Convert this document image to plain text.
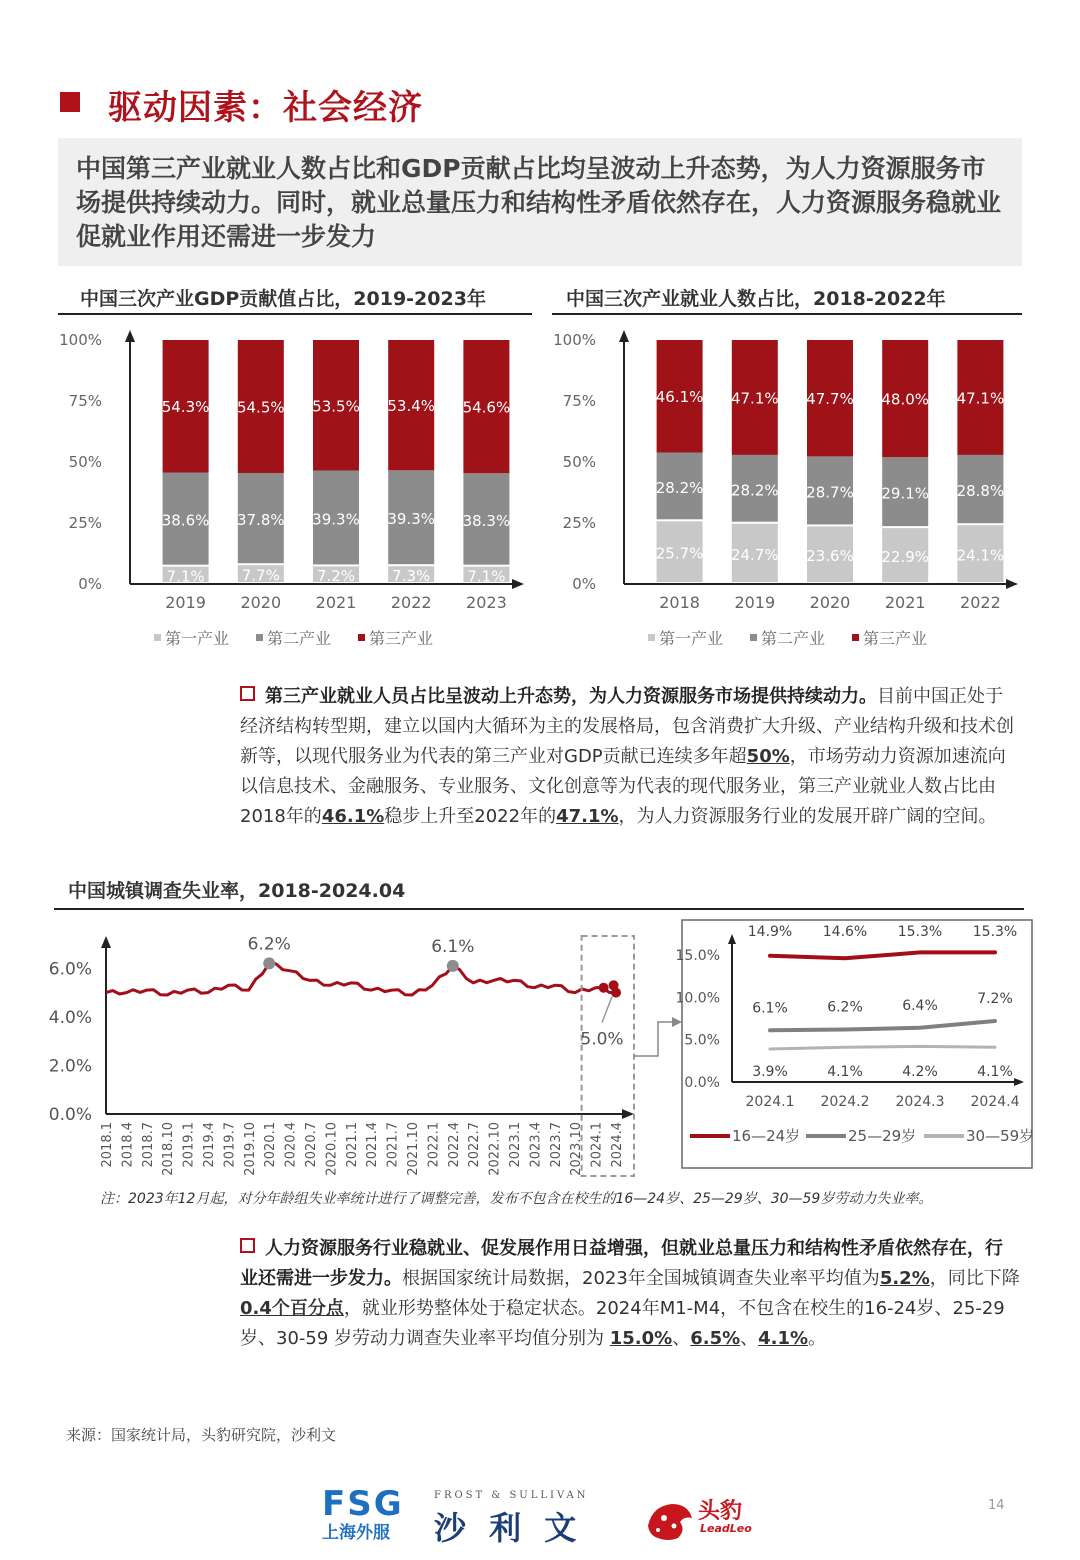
驱动因素：社会经济
中国第三产业就业人数占比和GDP贡献占比均呈波动上升态势，为人力资源服务市场提供持续动力。同时，就业总量压力和结构性矛盾依然存在，人力资源服务稳就业促就业作用还需进一步发力
中国三次产业GDP贡献值占比，2019-2023年	中国三次产业就业人数占比，2018-2022年
100%
75%
50%
25%
0%	7.1%
38.6%
54.3%
2019
7.7%
37.8%
54.5%
2020
7.2%
39.3%
53.5%
2021
7.3%
39.3%
53.4%
2022
7.1%
38.3%
54.6%
2023
第一产业 第二产业 第三产业
100%
75%
50%
25%
0%
25.7%
28.2%
46.1%
2018
24.7%
28.2%
47.1%
2019
23.6%
28.7%
47.7%
2020
22.9%
29.1%
48.0%
2021
24.1%
28.8%
47.1%
2022
第一产业 第二产业 第三产业
第三产业就业人员占比呈波动上升态势，为人力资源服务市场提供持续动力。目前中国正处于经济结构转型期，建立以国内大循环为主的发展格局，包含消费扩大升级、产业结构升级和技术创新等，以现代服务业为代表的第三产业对GDP贡献已连续多年超50%，市场劳动力资源加速流向以信息技术、金融服务、专业服务、文化创意等为代表的现代服务业，第三产业就业人数占比由2018年的46.1%稳步上升至2022年的47.1%，为人力资源服务行业的发展开辟广阔的空间。
中国城镇调查失业率，2018-2024.04
6.0%
4.0%
2.0%
0.0%
2018.1 2018.4 2018.7 2018.10 2019.1 2019.4 2019.7 2019.10 2020.1 2020.4 2020.7 2020.10 2021.1 2021.4 2021.7 2021.10 2022.1 2022.4 2022.7 2022.10 2023.1 2023.4 2023.7 2023.10 2024.1 2024.4
6.2%	6.1%
5.0%
15.0%
10.0%
5.0%
0.0%
2024.1 2024.2 2024.3 2024.4
14.9% 14.6% 15.3% 15.3%
6.1%	6.2%	6.4%	7.2%
3.9%	4.1%	4.2%	4.1%
16—24岁	25—29岁	30—59岁
注：2023年12月起，对分年龄组失业率统计进行了调整完善，发布不包含在校生的16—24岁、25—29岁、30—59岁劳动力失业率。
人力资源服务行业稳就业、促发展作用日益增强，但就业总量压力和结构性矛盾依然存在，行业还需进一步发力。根据国家统计局数据，2023年全国城镇调查失业率平均值为5.2%，同比下降 0.4个百分点，就业形势整体处于稳定状态。2024年M1-M4，不包含在校生的16-24岁、25-29 岁、30-59 岁劳动力调查失业率平均值分别为 15.0%、6.5%、4.1%。
来源：国家统计局，头豹研究院，沙利文
FSG
上海外服
FROST & SULLIVAN
沙 利 文	头豹
LeadLeo
14
